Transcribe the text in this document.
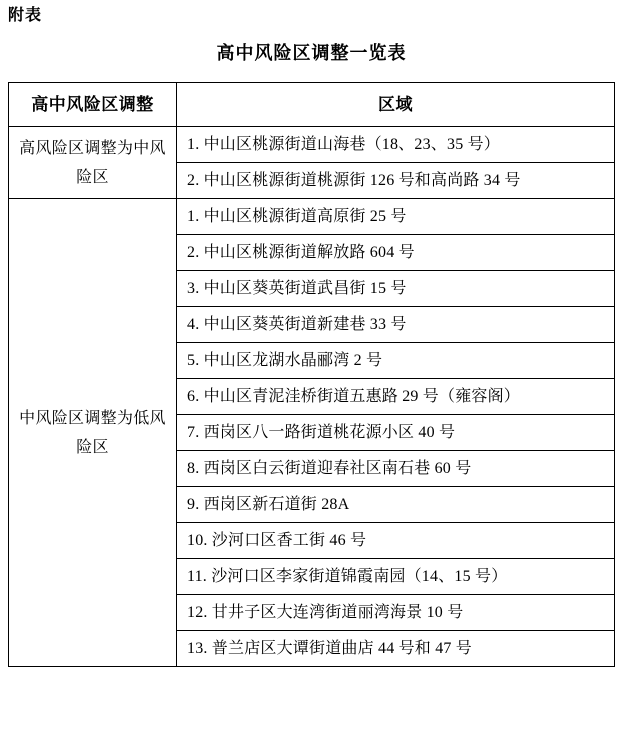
附表
高中风险区调整一览表
高中风险区调整	区域

高风险区调整为中风险区	1. 中山区桃源街道山海巷（18、23、35 号）

	2. 中山区桃源街道桃源街 126 号和高尚路 34 号

中风险区调整为低风险区	1. 中山区桃源街道高原街 25 号

	2. 中山区桃源街道解放路 604 号

	3. 中山区葵英街道武昌街 15 号

	4. 中山区葵英街道新建巷 33 号

	5. 中山区龙湖水晶郦湾 2 号

	6. 中山区青泥洼桥街道五惠路 29 号（雍容阁）

	7. 西岗区八一路街道桃花源小区 40 号

	8. 西岗区白云街道迎春社区南石巷 60 号

	9. 西岗区新石道街 28A

	10. 沙河口区香工街 46 号

	11. 沙河口区李家街道锦霞南园（14、15 号）

	12. 甘井子区大连湾街道丽湾海景 10 号

	13. 普兰店区大谭街道曲店 44 号和 47 号
